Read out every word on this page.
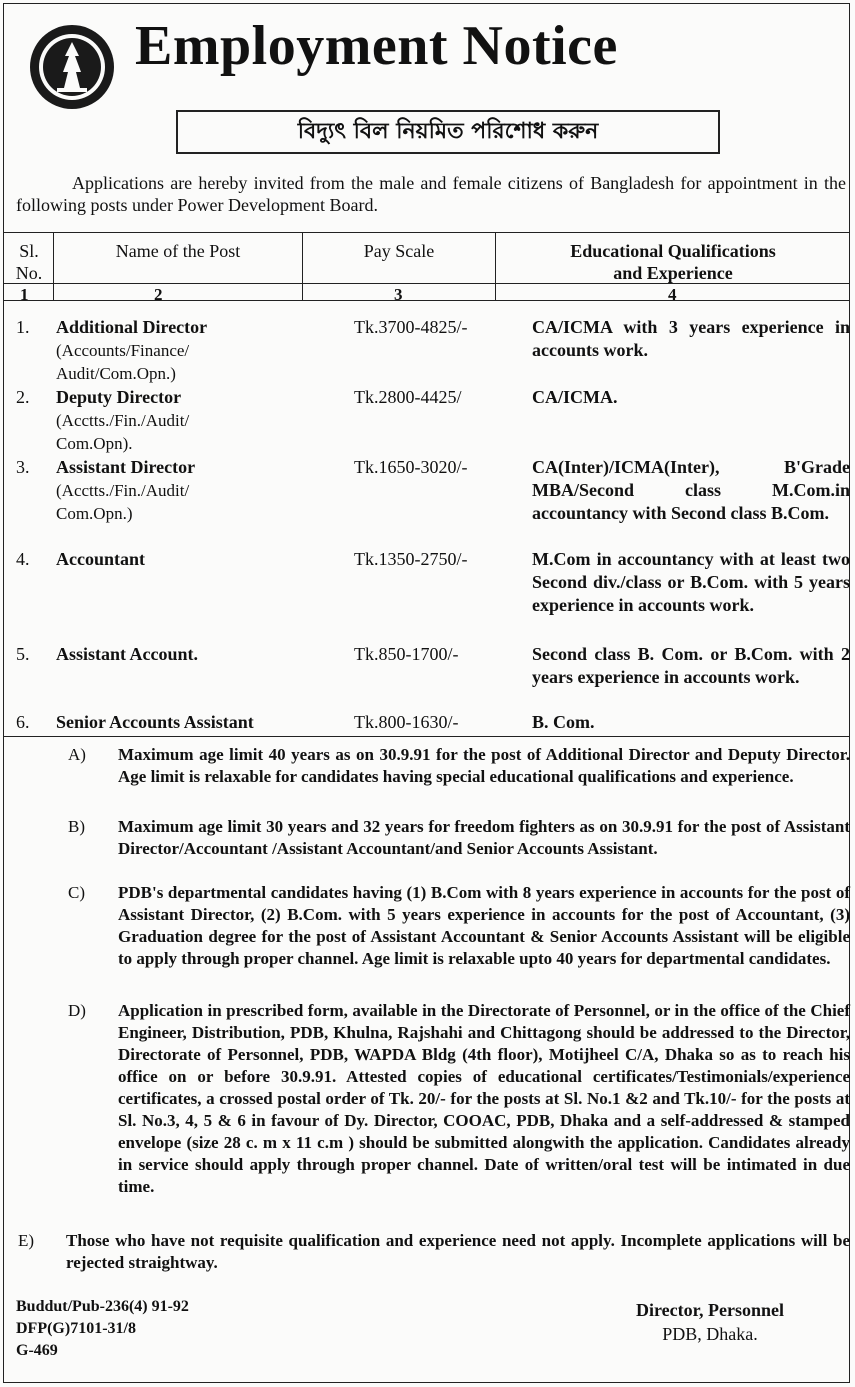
Employment Notice
বিদ্যুৎ বিল নিয়মিত পরিশোধ করুন
Applications are hereby invited from the male and female citizens of Bangladesh for appointment in the following posts under Power Development Board.
Sl.
No.
Name of the Post	Pay Scale	Educational Qualifications
and Experience
1	2	3	4
1. Additional Director
(Accounts/Finance/
Audit/Com.Opn.)
Tk.3700-4825/-	CA/ICMA with 3 years experience in accounts work.
2. Deputy Director
(Acctts./Fin./Audit/
Com.Opn).
Tk.2800-4425/	CA/ICMA.
3. Assistant Director
(Acctts./Fin./Audit/
Com.Opn.)
Tk.1650-3020/-	CA(Inter)/ICMA(Inter), B'Grade MBA/Second class M.Com.in accountancy with Second class B.Com.
4. Accountant	Tk.1350-2750/-	M.Com in accountancy with at least two Second div./class or B.Com. with 5 years experience in accounts work.
5. Assistant Account.	Tk.850-1700/-	Second class B. Com. or B.Com. with 2 years experience in accounts work.
6. Senior Accounts Assistant	Tk.800-1630/-	B. Com.
A) Maximum age limit 40 years as on 30.9.91 for the post of Additional Director and Deputy Director. Age limit is relaxable for candidates having special educational qualifications and experience.
B) Maximum age limit 30 years and 32 years for freedom fighters as on 30.9.91 for the post of Assistant Director/Accountant /Assistant Accountant/and Senior Accounts Assistant.
C) PDB's departmental candidates having (1) B.Com with 8 years experience in accounts for the post of Assistant Director, (2) B.Com. with 5 years experience in accounts for the post of Accountant, (3) Graduation degree for the post of Assistant Accountant & Senior Accounts Assistant will be eligible to apply through proper channel. Age limit is relaxable upto 40 years for departmental candidates.
D) Application in prescribed form, available in the Directorate of Personnel, or in the office of the Chief Engineer, Distribution, PDB, Khulna, Rajshahi and Chittagong should be addressed to the Director, Directorate of Personnel, PDB, WAPDA Bldg (4th floor), Motijheel C/A, Dhaka so as to reach his office on or before 30.9.91. Attested copies of educational certificates/Testimonials/experience certificates, a crossed postal order of Tk. 20/- for the posts at Sl. No.1 &2 and Tk.10/- for the posts at Sl. No.3, 4, 5 & 6 in favour of Dy. Director, COOAC, PDB, Dhaka and a self-addressed & stamped envelope (size 28 c. m x 11 c.m ) should be submitted alongwith the application. Candidates already in service should apply through proper channel. Date of written/oral test will be intimated in due time.
E) Those who have not requisite qualification and experience need not apply. Incomplete applications will be rejected straightway.
Buddut/Pub-236(4) 91-92
DFP(G)7101-31/8
G-469
Director, Personnel
PDB, Dhaka.
